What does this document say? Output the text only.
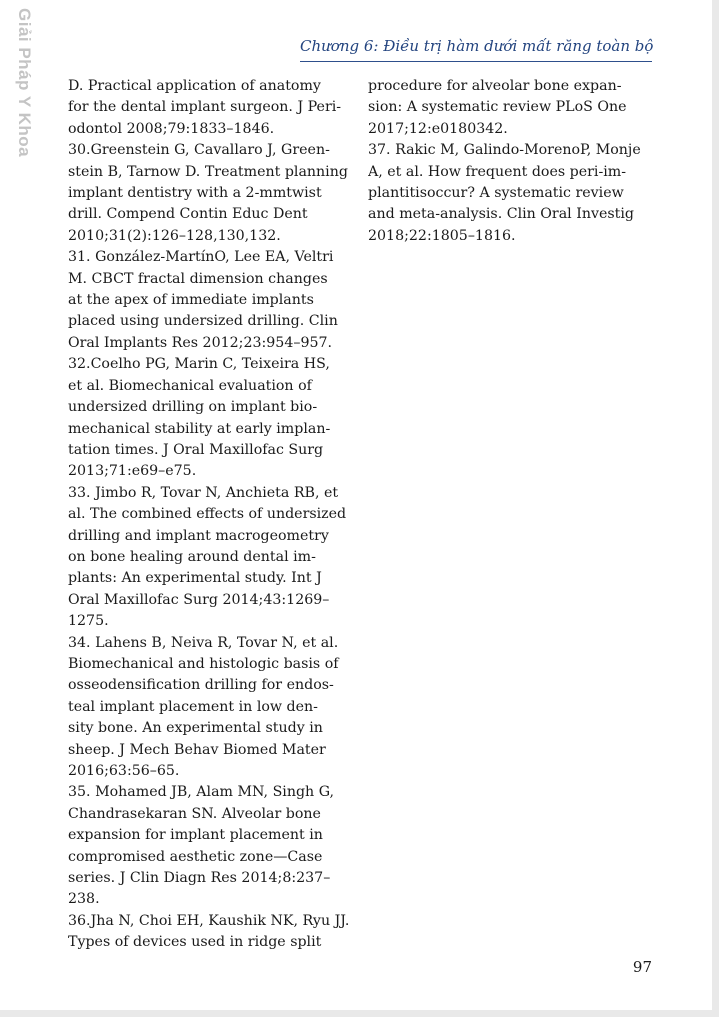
Giải Pháp Y Khoa	Chương 6: Điều trị hàm dưới mất răng toàn bộ
D. Practical application of anatomy
for the dental implant surgeon. J Peri-
odontol 2008;79:1833–1846.
30.Greenstein G, Cavallaro J, Green-
stein B, Tarnow D. Treatment planning
implant dentistry with a 2-mmtwist
drill. Compend Contin Educ Dent
2010;31(2):126–128,130,132.
31. González-MartínO, Lee EA, Veltri
M. CBCT fractal dimension changes
at the apex of immediate implants
placed using undersized drilling. Clin
Oral Implants Res 2012;23:954–957.
32.Coelho PG, Marin C, Teixeira HS,
et al. Biomechanical evaluation of
undersized drilling on implant bio-
mechanical stability at early implan-
tation times. J Oral Maxillofac Surg
2013;71:e69–e75.
33. Jimbo R, Tovar N, Anchieta RB, et
al. The combined effects of undersized
drilling and implant macrogeometry
on bone healing around dental im-
plants: An experimental study. Int J
Oral Maxillofac Surg 2014;43:1269–
1275.
34. Lahens B, Neiva R, Tovar N, et al.
Biomechanical and histologic basis of
osseodensification drilling for endos-
teal implant placement in low den-
sity bone. An experimental study in
sheep. J Mech Behav Biomed Mater
2016;63:56–65.
35. Mohamed JB, Alam MN, Singh G,
Chandrasekaran SN. Alveolar bone
expansion for implant placement in
compromised aesthetic zone—Case
series. J Clin Diagn Res 2014;8:237–
238.
36.Jha N, Choi EH, Kaushik NK, Ryu JJ.
Types of devices used in ridge split
procedure for alveolar bone expan-
sion: A systematic review PLoS One
2017;12:e0180342.
37. Rakic M, Galindo-MorenoP, Monje
A, et al. How frequent does peri-im-
plantitisoccur? A systematic review
and meta-analysis. Clin Oral Investig
2018;22:1805–1816.
97
